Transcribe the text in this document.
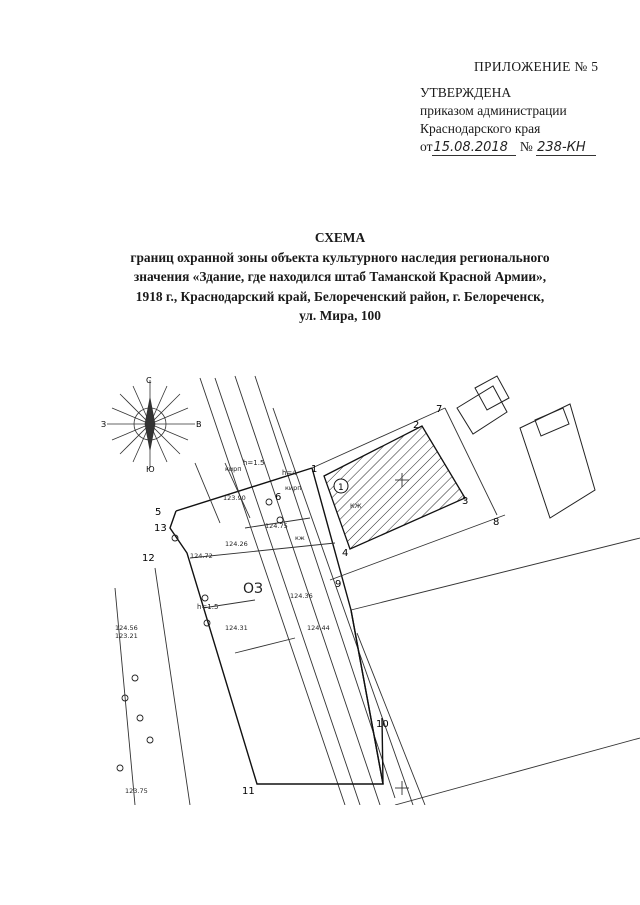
ПРИЛОЖЕНИЕ № 5
УТВЕРЖДЕНА
приказом администрации
Краснодарского края
от15.08.2018 № 238-КН
СХЕМА
границ охранной зоны объекта культурного наследия регионального
значения «Здание, где находился штаб Таманской Красной Армии»,
1918 г., Краснодарский край, Белореченский район, г. Белореченск,
ул. Мира, 100
С
Ю
З	В
1
ОЗ
1
2
3
4
5
6
7
8
9
10
11
12
13
124.56
123.21
123.90
124.75
124.72
124.26
124.31
124.36
124.44
123.75
h=4
h=1.5
h=1.5
кирп
КЖ
кж
кирп
